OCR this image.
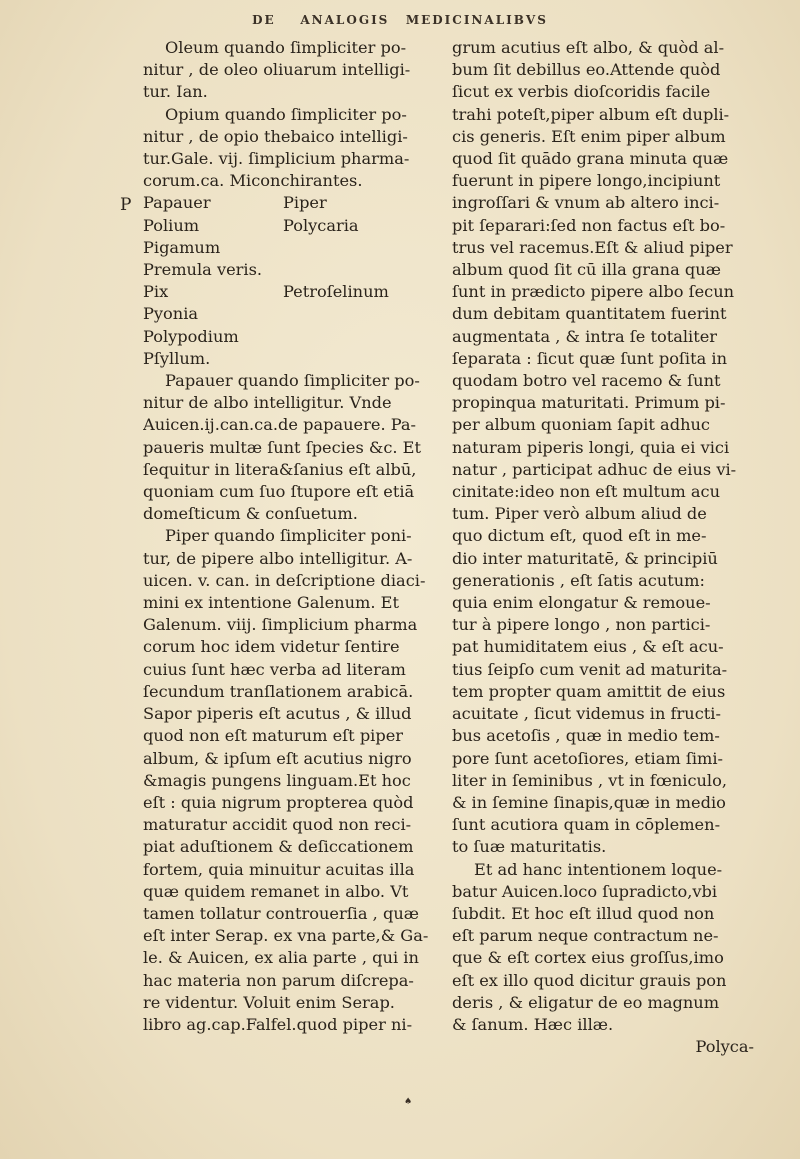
DE ANALOGIS MEDICINALIBVS
P
Oleum quando ſimpliciter po-
nitur , de oleo oliuarum intelligi-
tur. Ian.
Opium quando ſimpliciter po-
nitur , de opio thebaico intelligi-
tur.Gale. vij. ſimplicium pharma-
corum.ca. Miconchirantes.
Papauer	Piper
Polium	Polycaria
Pigamum
Premula veris.
Pix	Petroſelinum
Pyonia
Polypodium
Pſyllum.
Papauer quando ſimpliciter po-
nitur de albo intelligitur. Vnde
Auicen.ij.can.ca.de papauere. Pa-
paueris multæ ſunt ſpecies &c. Et
ſequitur in litera&ſanius eſt albū,
quoniam cum ſuo ſtupore eſt etiā
domeſticum & conſuetum.
Piper quando ſimpliciter poni-
tur, de pipere albo intelligitur. A-
uicen. v. can. in deſcriptione diaci-
mini ex intentione Galenum. Et
Galenum. viij. ſimplicium pharma
corum hoc idem videtur ſentire
cuius ſunt hæc verba ad literam
ſecundum tranſlationem arabicā.
Sapor piperis eſt acutus , & illud
quod non eſt maturum eſt piper
album, & ipſum eſt acutius nigro
&magis pungens linguam.Et hoc
eſt : quia nigrum propterea quòd
maturatur accidit quod non reci-
piat aduſtionem & deſiccationem
fortem, quia minuitur acuitas illa
quæ quidem remanet in albo. Vt
tamen tollatur controuerſia , quæ
eſt inter Serap. ex vna parte,& Ga-
le. & Auicen, ex alia parte , qui in
hac materia non parum diſcrepa-
re videntur. Voluit enim Serap.
libro ag.cap.Falfel.quod piper ni-
grum acutius eſt albo, & quòd al-
bum ſit debillus eo.Attende quòd
ſicut ex verbis dioſcoridis facile
trahi poteſt,piper album eſt dupli-
cis generis. Eſt enim piper album
quod ſit quādo grana minuta quæ
fuerunt in pipere longo,incipiunt
ingroſſari & vnum ab altero inci-
pit ſeparari:ſed non factus eſt bo-
trus vel racemus.Eſt & aliud piper
album quod ſit cū illa grana quæ
ſunt in prædicto pipere albo ſecun
dum debitam quantitatem fuerint
augmentata , & intra ſe totaliter
ſeparata : ſicut quæ ſunt poſita in
quodam botro vel racemo & ſunt
propinqua maturitati. Primum pi-
per album quoniam ſapit adhuc
naturam piperis longi, quia ei vici
natur , participat adhuc de eius vi-
cinitate:ideo non eſt multum acu
tum. Piper verò album aliud de
quo dictum eſt, quod eſt in me-
dio inter maturitatē, & principiū
generationis , eſt ſatis acutum:
quia enim elongatur & remoue-
tur à pipere longo , non partici-
pat humiditatem eius , & eſt acu-
tius ſeipſo cum venit ad maturita-
tem propter quam amittit de eius
acuitate , ſicut videmus in fructi-
bus acetoſis , quæ in medio tem-
pore ſunt acetoſiores, etiam ſimi-
liter in ſeminibus , vt in fœniculo,
& in ſemine ſinapis,quæ in medio
ſunt acutiora quam in cōplemen-
to ſuæ maturitatis.
Et ad hanc intentionem loque-
batur Auicen.loco ſupradicto,vbi
ſubdit. Et hoc eſt illud quod non
eſt parum neque contractum ne-
que & eſt cortex eius groſſus,imo
eſt ex illo quod dicitur grauis pon
deris , & eligatur de eo magnum
& ſanum. Hæc illæ.
Polyca-
♠
